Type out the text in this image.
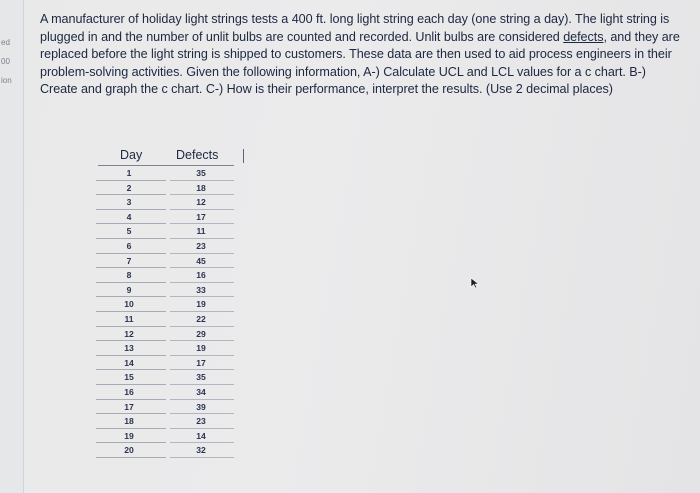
ed
00
ion
A manufacturer of holiday light strings tests a 400 ft. long light string each day (one string a day). The light string is plugged in and the number of unlit bulbs are counted and recorded. Unlit bulbs are considered defects, and they are replaced before the light string is shipped to customers. These data are then used to aid process engineers in their problem-solving activities. Given the following information, A-) Calculate UCL and LCL values for a c chart. B-) Create and graph the c chart. C-) How is their performance, interpret the results. (Use 2 decimal places)
Day	Defects
1	35
2	18
3	12
4	17
5	11
6	23
7	45
8	16
9	33
10	19
11	22
12	29
13	19
14	17
15	35
16	34
17	39
18	23
19	14
20	32
